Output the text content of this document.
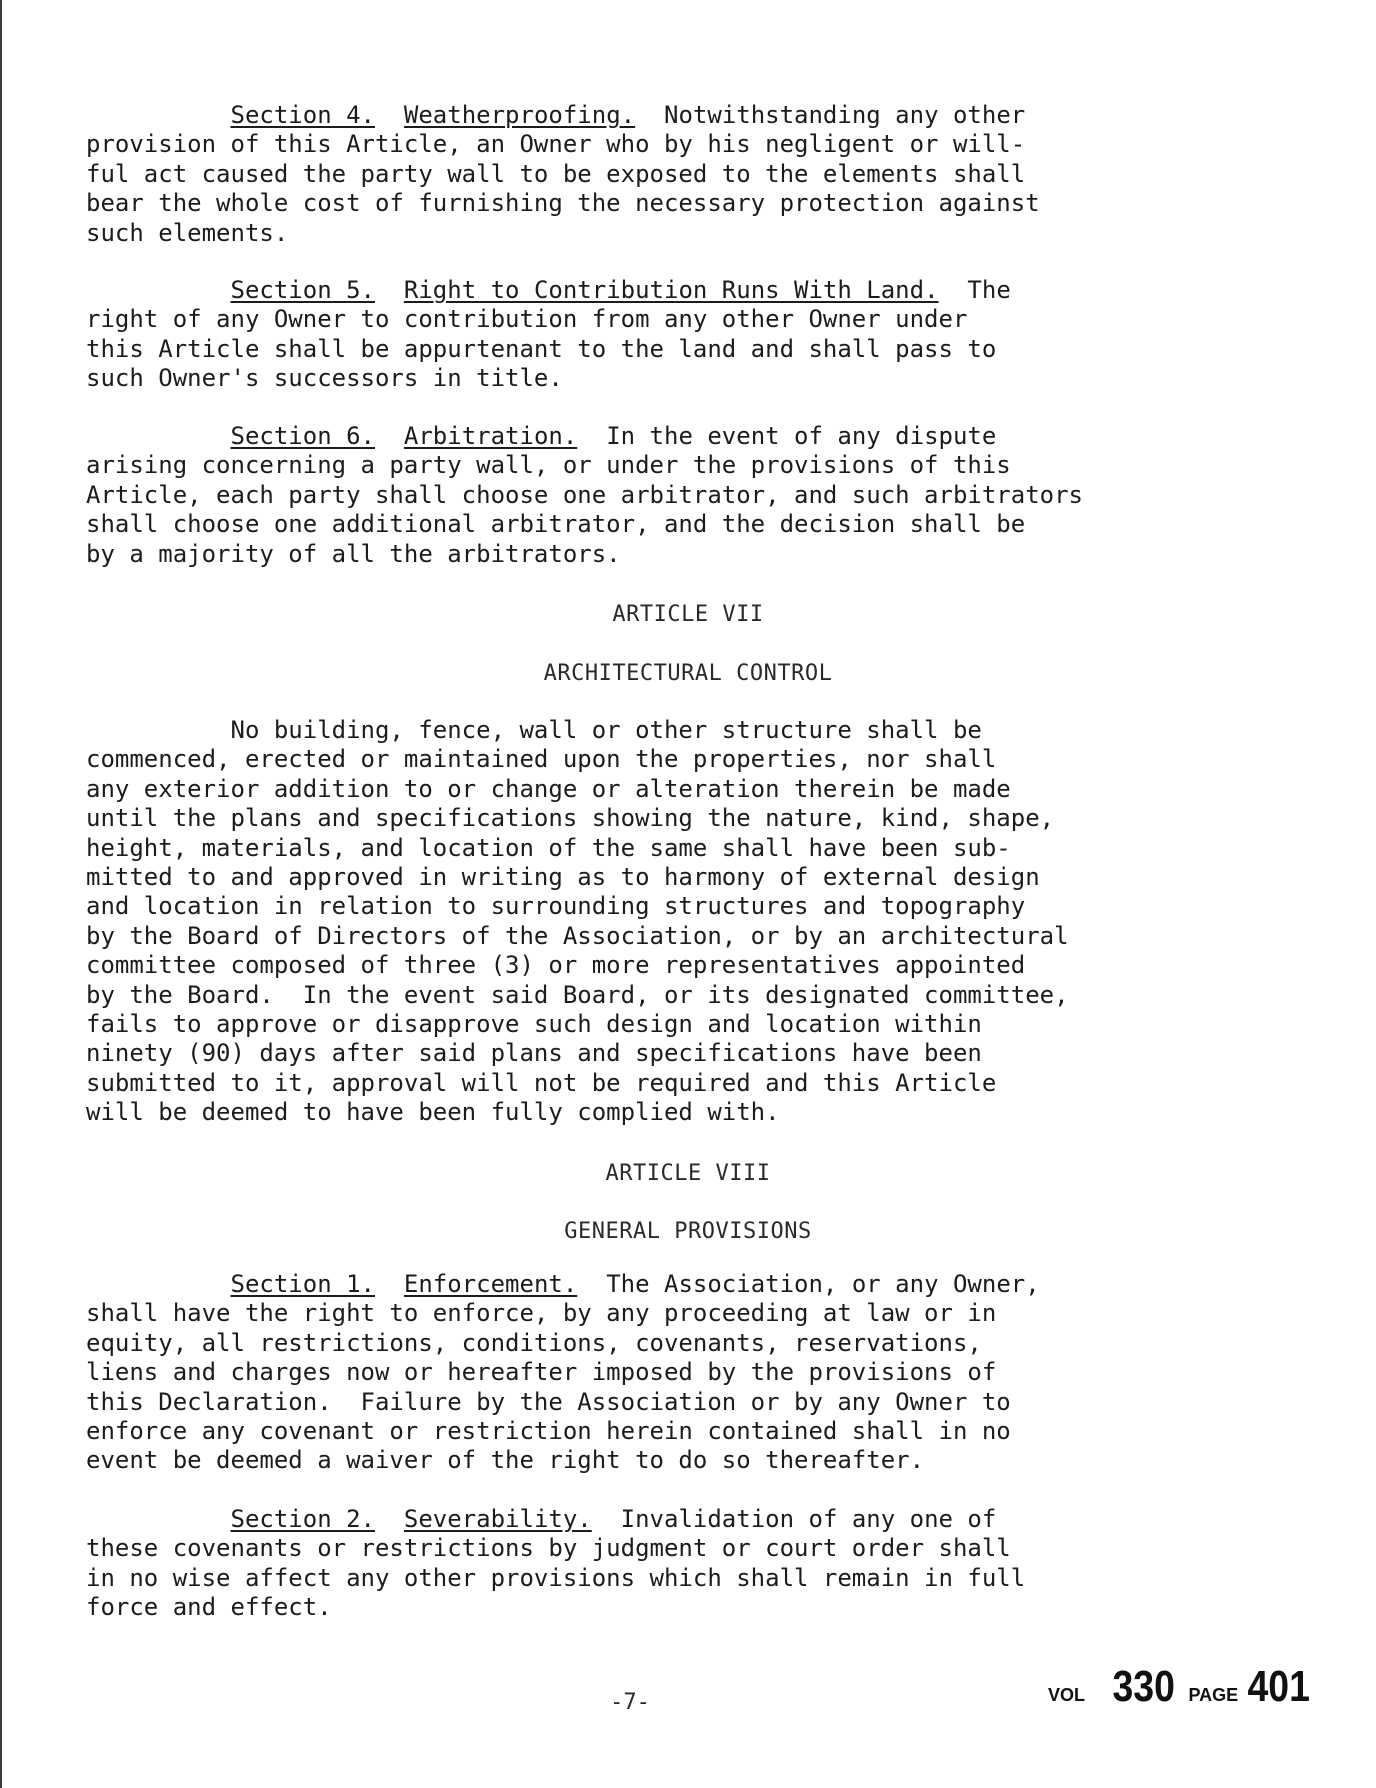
Section 4. Weatherproofing.  Notwithstanding any other
provision of this Article, an Owner who by his negligent or will-
ful act caused the party wall to be exposed to the elements shall
bear the whole cost of furnishing the necessary protection against
such elements.
Section 5. Right to Contribution Runs With Land.  The
right of any Owner to contribution from any other Owner under
this Article shall be appurtenant to the land and shall pass to
such Owner's successors in title.
Section 6. Arbitration.  In the event of any dispute
arising concerning a party wall, or under the provisions of this
Article, each party shall choose one arbitrator, and such arbitrators
shall choose one additional arbitrator, and the decision shall be
by a majority of all the arbitrators.
ARTICLE VII
ARCHITECTURAL CONTROL
No building, fence, wall or other structure shall be
commenced, erected or maintained upon the properties, nor shall
any exterior addition to or change or alteration therein be made
until the plans and specifications showing the nature, kind, shape,
height, materials, and location of the same shall have been sub-
mitted to and approved in writing as to harmony of external design
and location in relation to surrounding structures and topography
by the Board of Directors of the Association, or by an architectural
committee composed of three (3) or more representatives appointed
by the Board.  In the event said Board, or its designated committee,
fails to approve or disapprove such design and location within
ninety (90) days after said plans and specifications have been
submitted to it, approval will not be required and this Article
will be deemed to have been fully complied with.
ARTICLE VIII
GENERAL PROVISIONS
Section 1. Enforcement.  The Association, or any Owner,
shall have the right to enforce, by any proceeding at law or in
equity, all restrictions, conditions, covenants, reservations,
liens and charges now or hereafter imposed by the provisions of
this Declaration.  Failure by the Association or by any Owner to
enforce any covenant or restriction herein contained shall in no
event be deemed a waiver of the right to do so thereafter.
Section 2. Severability.  Invalidation of any one of
these covenants or restrictions by judgment or court order shall
in no wise affect any other provisions which shall remain in full
force and effect.
-7-	VOL 330 PAGE 401
